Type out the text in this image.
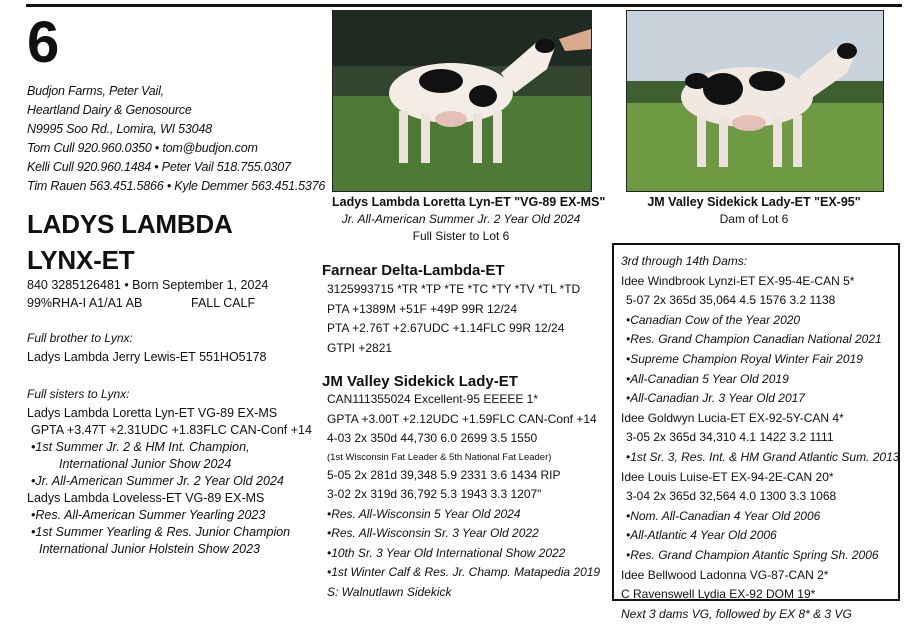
6
Budjon Farms, Peter Vail,
Heartland Dairy & Genosource
N9995 Soo Rd., Lomira, WI 53048
Tom Cull 920.960.0350 • tom@budjon.com
Kelli Cull 920.960.1484 • Peter Vail 518.755.0307
Tim Rauen 563.451.5866 • Kyle Demmer 563.451.5376
LADYS LAMBDA
LYNX-ET
840 3285126481 • Born September 1, 2024
99%RHA-I A1/A1 AB	FALL CALF
Full brother to Lynx:
Ladys Lambda Jerry Lewis-ET 551HO5178
Full sisters to Lynx:
Ladys Lambda Loretta Lyn-ET VG-89 EX-MS
GPTA +3.47T +2.31UDC +1.83FLC CAN-Conf +14
•1st Summer Jr. 2 & HM Int. Champion,
International Junior Show 2024
•Jr. All-American Summer Jr. 2 Year Old 2024
Ladys Lambda Loveless-ET VG-89 EX-MS
•Res. All-American Summer Yearling 2023
•1st Summer Yearling & Res. Junior Champion
International Junior Holstein Show 2023
Ladys Lambda Loretta Lyn-ET "VG-89 EX-MS"
Jr. All-American Summer Jr. 2 Year Old 2024
Full Sister to Lot 6
JM Valley Sidekick Lady-ET "EX-95"
Dam of Lot 6
Farnear Delta-Lambda-ET
3125993715 *TR *TP *TE *TC *TY *TV *TL *TD
PTA +1389M +51F +49P 99R 12/24
PTA +2.76T +2.67UDC +1.14FLC 99R 12/24
GTPI +2821
JM Valley Sidekick Lady-ET
CAN111355024 Excellent-95 EEEEE 1*
GPTA +3.00T +2.12UDC +1.59FLC CAN-Conf +14
4-03 2x 350d 44,730 6.0 2699 3.5 1550
(1st Wisconsin Fat Leader & 5th National Fat Leader)
5-05 2x 281d 39,348 5.9 2331 3.6 1434 RIP
3-02 2x 319d 36,792 5.3 1943 3.3 1207"
•Res. All-Wisconsin 5 Year Old 2024
•Res. All-Wisconsin Sr. 3 Year Old 2022
•10th Sr. 3 Year Old International Show 2022
•1st Winter Calf & Res. Jr. Champ. Matapedia 2019
S: Walnutlawn Sidekick
3rd through 14th Dams:
Idee Windbrook Lynzi-ET EX-95-4E-CAN 5*
5-07 2x 365d 35,064 4.5 1576 3.2 1138
•Canadian Cow of the Year 2020
•Res. Grand Champion Canadian National 2021
•Supreme Champion Royal Winter Fair 2019
•All-Canadian 5 Year Old 2019
•All-Canadian Jr. 3 Year Old 2017
Idee Goldwyn Lucia-ET EX-92-5Y-CAN 4*
3-05 2x 365d 34,310 4.1 1422 3.2 1111
•1st Sr. 3, Res. Int. & HM Grand Atlantic Sum. 2013
Idee Louis Luise-ET EX-94-2E-CAN 20*
3-04 2x 365d 32,564 4.0 1300 3.3 1068
•Nom. All-Canadian 4 Year Old 2006
•All-Atlantic 4 Year Old 2006
•Res. Grand Champion Atantic Spring Sh. 2006
Idee Bellwood Ladonna VG-87-CAN 2*
C Ravenswell Lydia EX-92 DOM 19*
Next 3 dams VG, followed by EX 8* & 3 VG
